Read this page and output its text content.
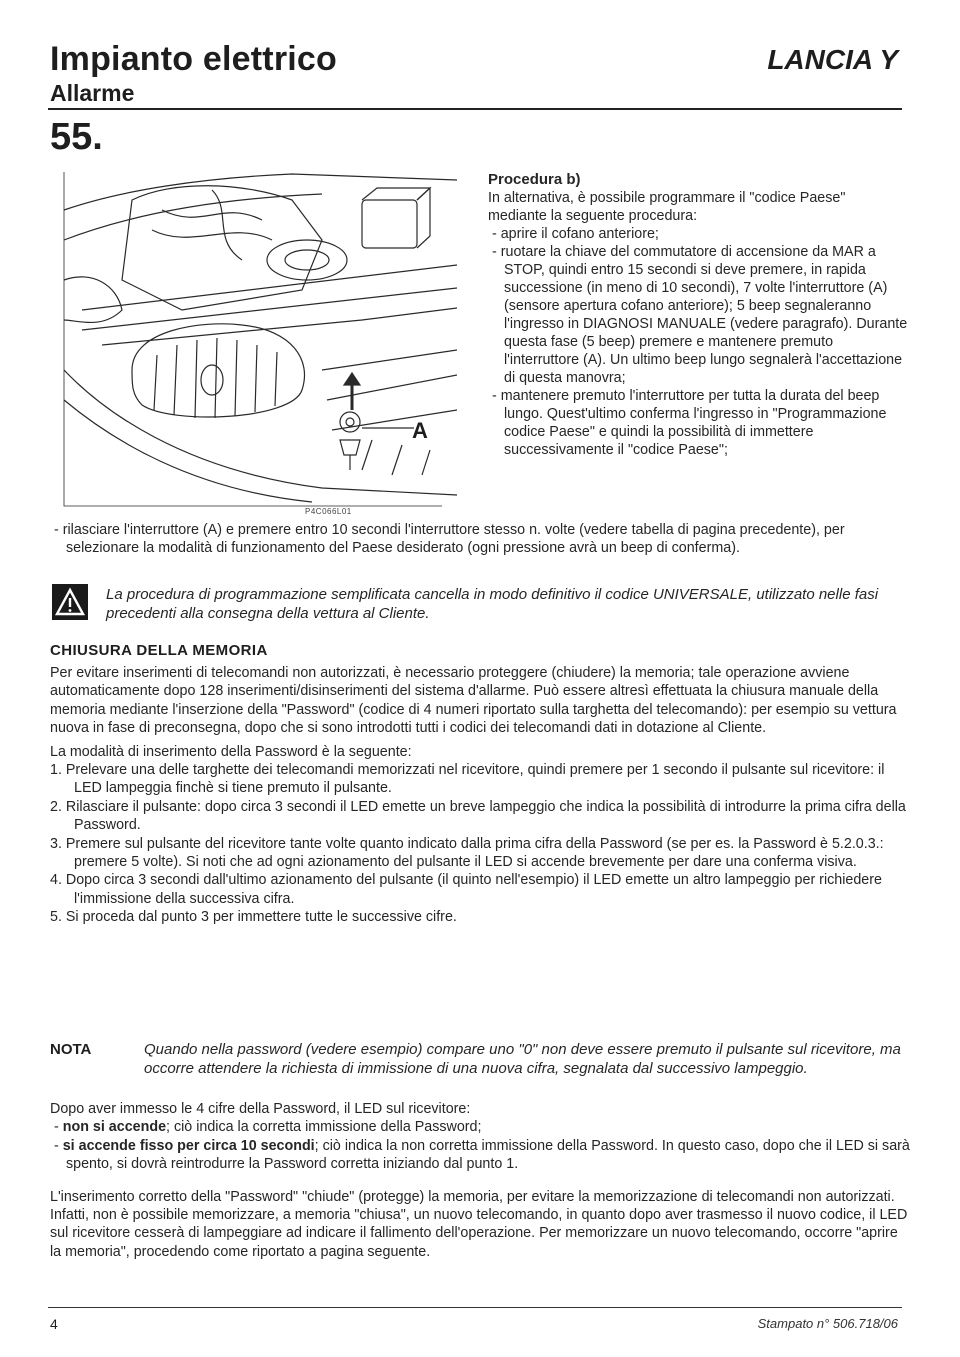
Impianto elettrico
Allarme
LANCIA Y
55.
A
P4C066L01

Procedura b)

In alternativa, è possibile programmare il "codice Paese" mediante la seguente procedura:

- aprire il cofano anteriore;

- ruotare la chiave del commutatore di accensione da MAR a STOP, quindi entro 15 secondi si deve premere, in rapida successione (in meno di 10 secondi), 7 volte l'interruttore (A) (sensore apertura cofano anteriore); 5 beep segnaleranno l'ingresso in DIAGNOSI MANUALE (vedere paragrafo). Durante questa fase (5 beep) premere e mantenere premuto l'interruttore (A). Un ultimo beep lungo segnalerà l'accettazione di questa manovra;

- mantenere premuto l'interruttore per tutta la durata del beep lungo. Quest'ultimo conferma l'ingresso in "Programmazione codice Paese" e quindi la possibilità di immettere successivamente il "codice Paese";

- rilasciare l'interruttore (A) e premere entro 10 secondi l'interruttore stesso n. volte (vedere tabella di pagina precedente), per selezionare la modalità di funzionamento del Paese desiderato (ogni pressione avrà un beep di conferma).
La procedura di programmazione semplificata cancella in modo definitivo il codice UNIVERSALE, utilizzato nelle fasi precedenti alla consegna della vettura al Cliente.
CHIUSURA DELLA MEMORIA

Per evitare inserimenti di telecomandi non autorizzati, è necessario proteggere (chiudere) la memoria; tale operazione avviene automaticamente dopo 128 inserimenti/disinserimenti del sistema d'allarme. Può essere altresì effettuata la chiusura manuale della memoria mediante l'inserzione della "Password" (codice di 4 numeri riportato sulla targhetta del telecomando): per esempio su vettura nuova in fase di preconsegna, dopo che si sono introdotti tutti i codici dei telecomandi dati in dotazione al Cliente.

La modalità di inserimento della Password è la seguente:

1. Prelevare una delle targhette dei telecomandi memorizzati nel ricevitore, quindi premere per 1 secondo il pulsante sul ricevitore: il LED lampeggia finchè si tiene premuto il pulsante.
2. Rilasciare il pulsante: dopo circa 3 secondi il LED emette un breve lampeggio che indica la possibilità di introdurre la prima cifra della Password.
3. Premere sul pulsante del ricevitore tante volte quanto indicato dalla prima cifra della Password (se per es. la Password è 5.2.0.3.: premere 5 volte). Si noti che ad ogni azionamento del pulsante il LED si accende brevemente per dare una conferma visiva.
4. Dopo circa 3 secondi dall'ultimo azionamento del pulsante (il quinto nell'esempio) il LED emette un altro lampeggio per richiedere l'immissione della successiva cifra.
5. Si proceda dal punto 3 per immettere tutte le successive cifre.
NOTA	Quando nella password (vedere esempio) compare uno "0" non deve essere premuto il pulsante sul ricevitore, ma occorre attendere la richiesta di immissione di una nuova cifra, segnalata dal successivo lampeggio.

Dopo aver immesso le 4 cifre della Password, il LED sul ricevitore:

- non si accende; ciò indica la corretta immissione della Password;

- si accende fisso per circa 10 secondi; ciò indica la non corretta immissione della Password. In questo caso, dopo che il LED si sarà spento, si dovrà reintrodurre la Password corretta iniziando dal punto 1.

L'inserimento corretto della "Password" "chiude" (protegge) la memoria, per evitare la memorizzazione di telecomandi non autorizzati.

Infatti, non è possibile memorizzare, a memoria "chiusa", un nuovo telecomando, in quanto dopo aver trasmesso il nuovo codice, il LED sul ricevitore cesserà di lampeggiare ad indicare il fallimento dell'operazione. Per memorizzare un nuovo telecomando, occorre "aprire la memoria", procedendo come riportato a pagina seguente.

4	Stampato n° 506.718/06
